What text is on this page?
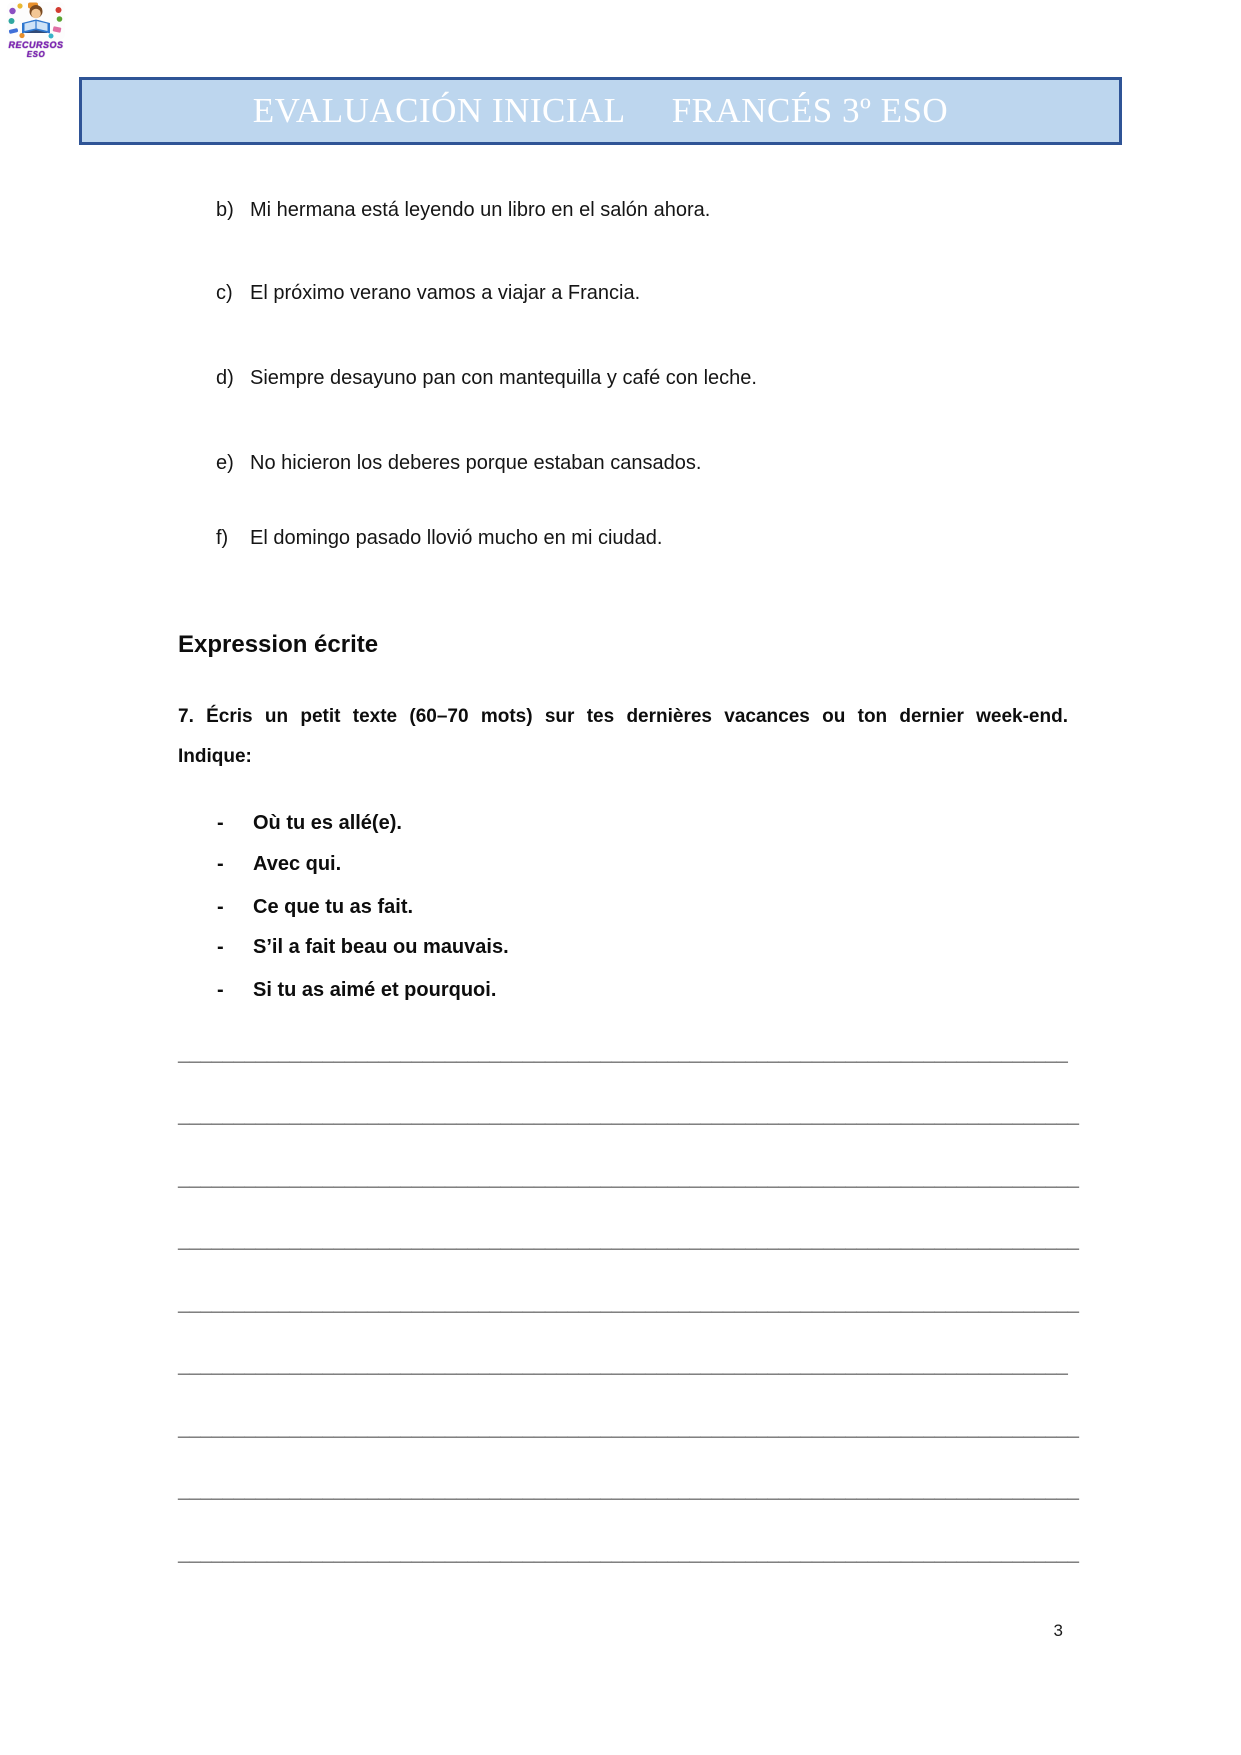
RECURSOS
ESO
EVALUACIÓN INICIAL FRANCÉS 3º ESO
b) Mi hermana está leyendo un libro en el salón ahora.
c) El próximo verano vamos a viajar a Francia.
d) Siempre desayuno pan con mantequilla y café con leche.
e) No hicieron los deberes porque estaban cansados.
f)	El domingo pasado llovió mucho en mi ciudad.
Expression écrite
7. Écris un petit texte (60–70 mots) sur tes dernières vacances ou ton dernier week-end.
Indique:
-	Où tu es allé(e).
-	Avec qui.
-	Ce que tu as fait.
-	S’il a fait beau ou mauvais.
-	Si tu as aimé et pourquoi.
________________________________________________________________________________
_________________________________________________________________________________
_________________________________________________________________________________
_________________________________________________________________________________
_________________________________________________________________________________
________________________________________________________________________________
_________________________________________________________________________________
_________________________________________________________________________________
_________________________________________________________________________________
3
